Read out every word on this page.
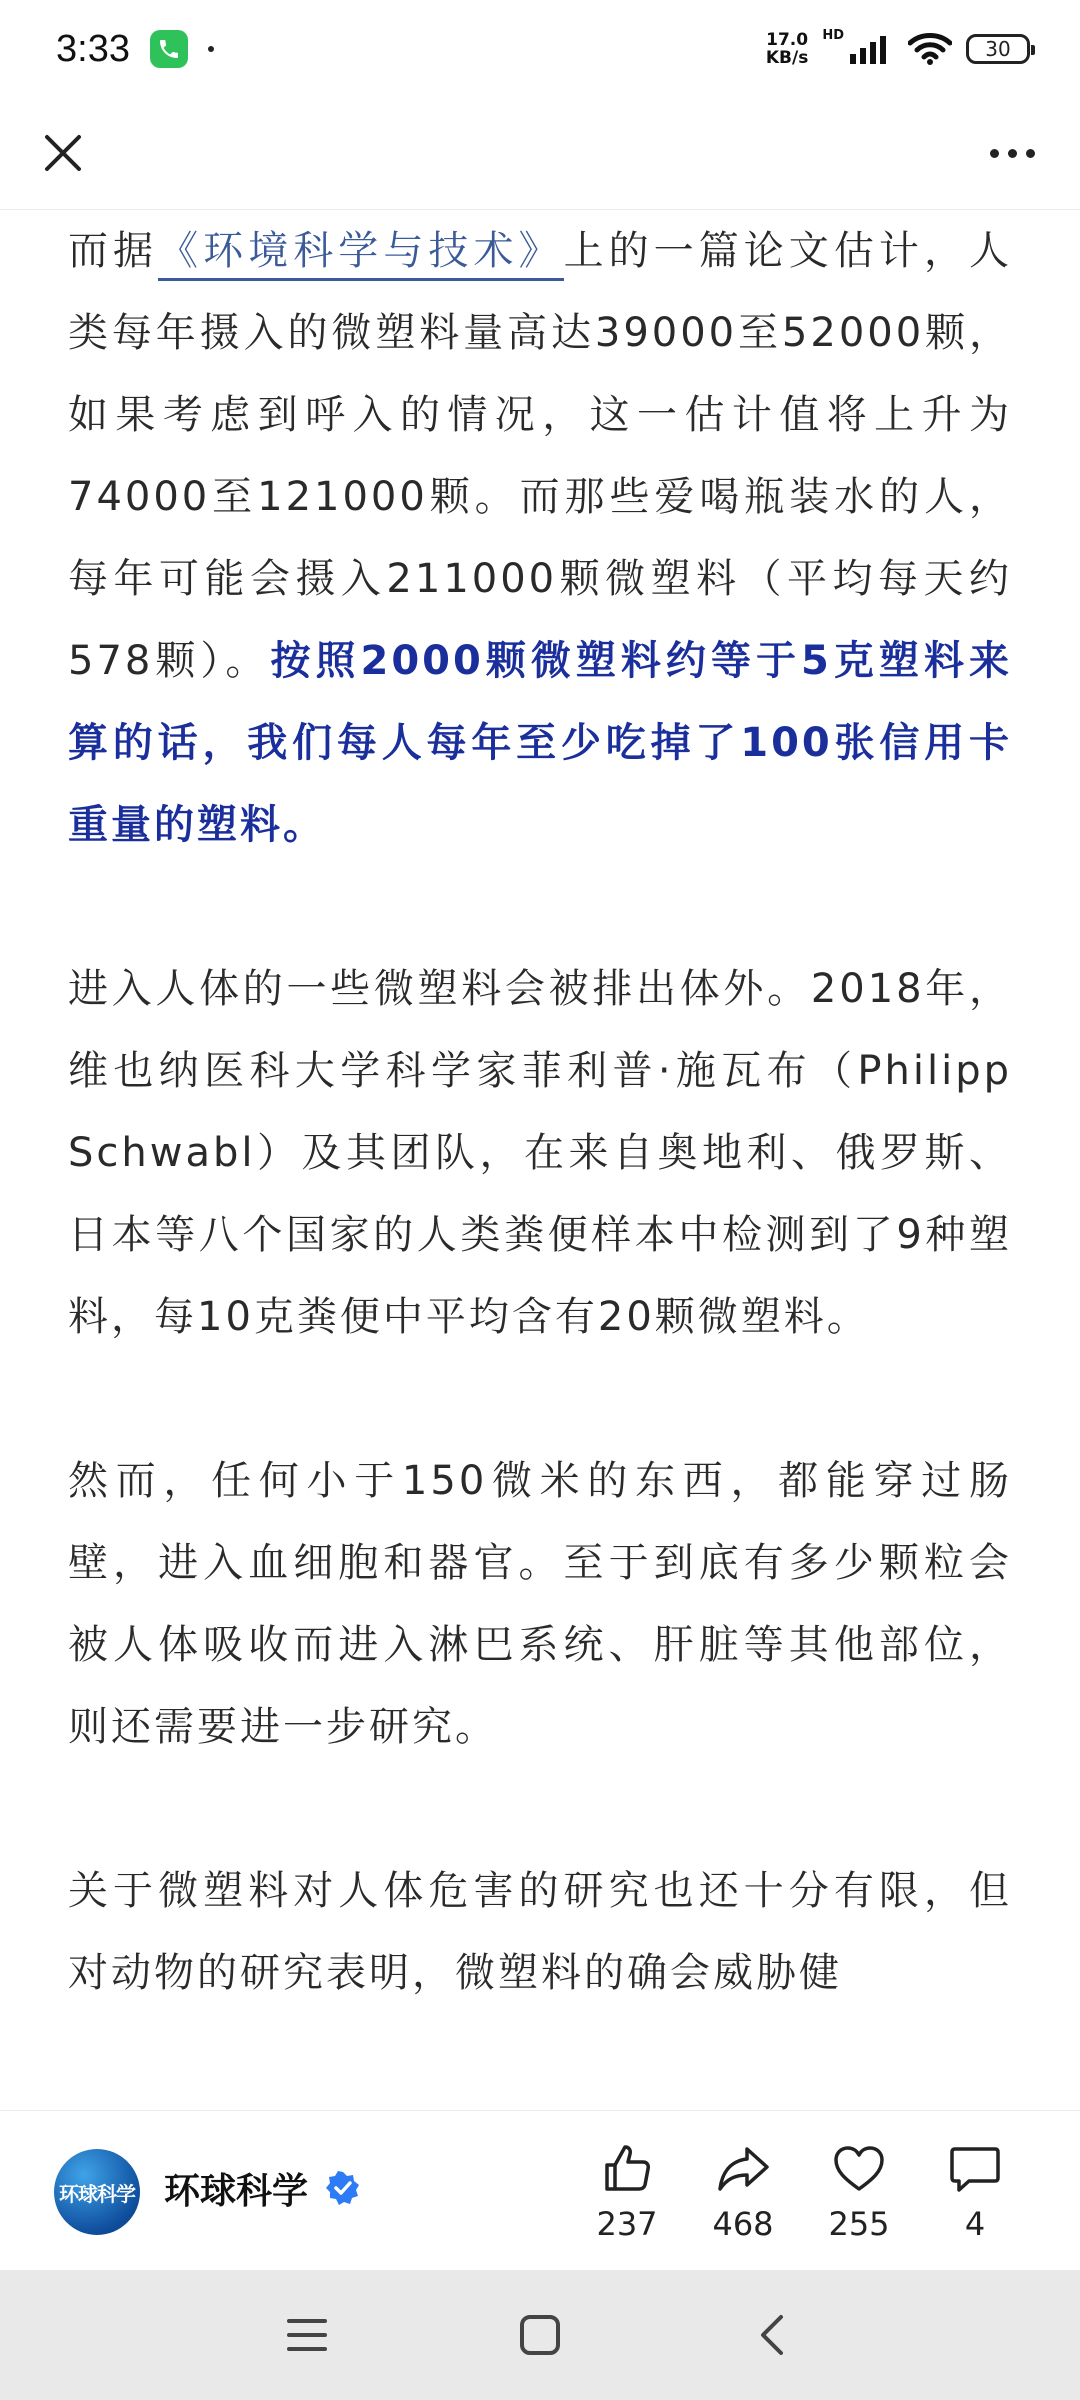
3:33	17.0
KB/s
HD
30

而据《环境科学与技术》上的一篇论文估计，人类每年摄入的微塑料量高达39000至52000颗，如果考虑到呼入的情况，这一估计值将上升为74000至121000颗。而那些爱喝瓶装水的人，每年可能会摄入211000颗微塑料（平均每天约578颗）。按照2000颗微塑料约等于5克塑料来算的话，我们每人每年至少吃掉了100张信用卡重量的塑料。

进入人体的一些微塑料会被排出体外。2018年，维也纳医科大学科学家菲利普·施瓦布（Philipp Schwabl）及其团队，在来自奥地利、俄罗斯、日本等八个国家的人类粪便样本中检测到了9种塑料，每10克粪便中平均含有20颗微塑料。

然而，任何小于150微米的东西，都能穿过肠壁，进入血细胞和器官。至于到底有多少颗粒会被人体吸收而进入淋巴系统、肝脏等其他部位，则还需要进一步研究。

关于微塑料对人体危害的研究也还十分有限，但对动物的研究表明，微塑料的确会威胁健

环球科学 环球科学
237 468 255 4
